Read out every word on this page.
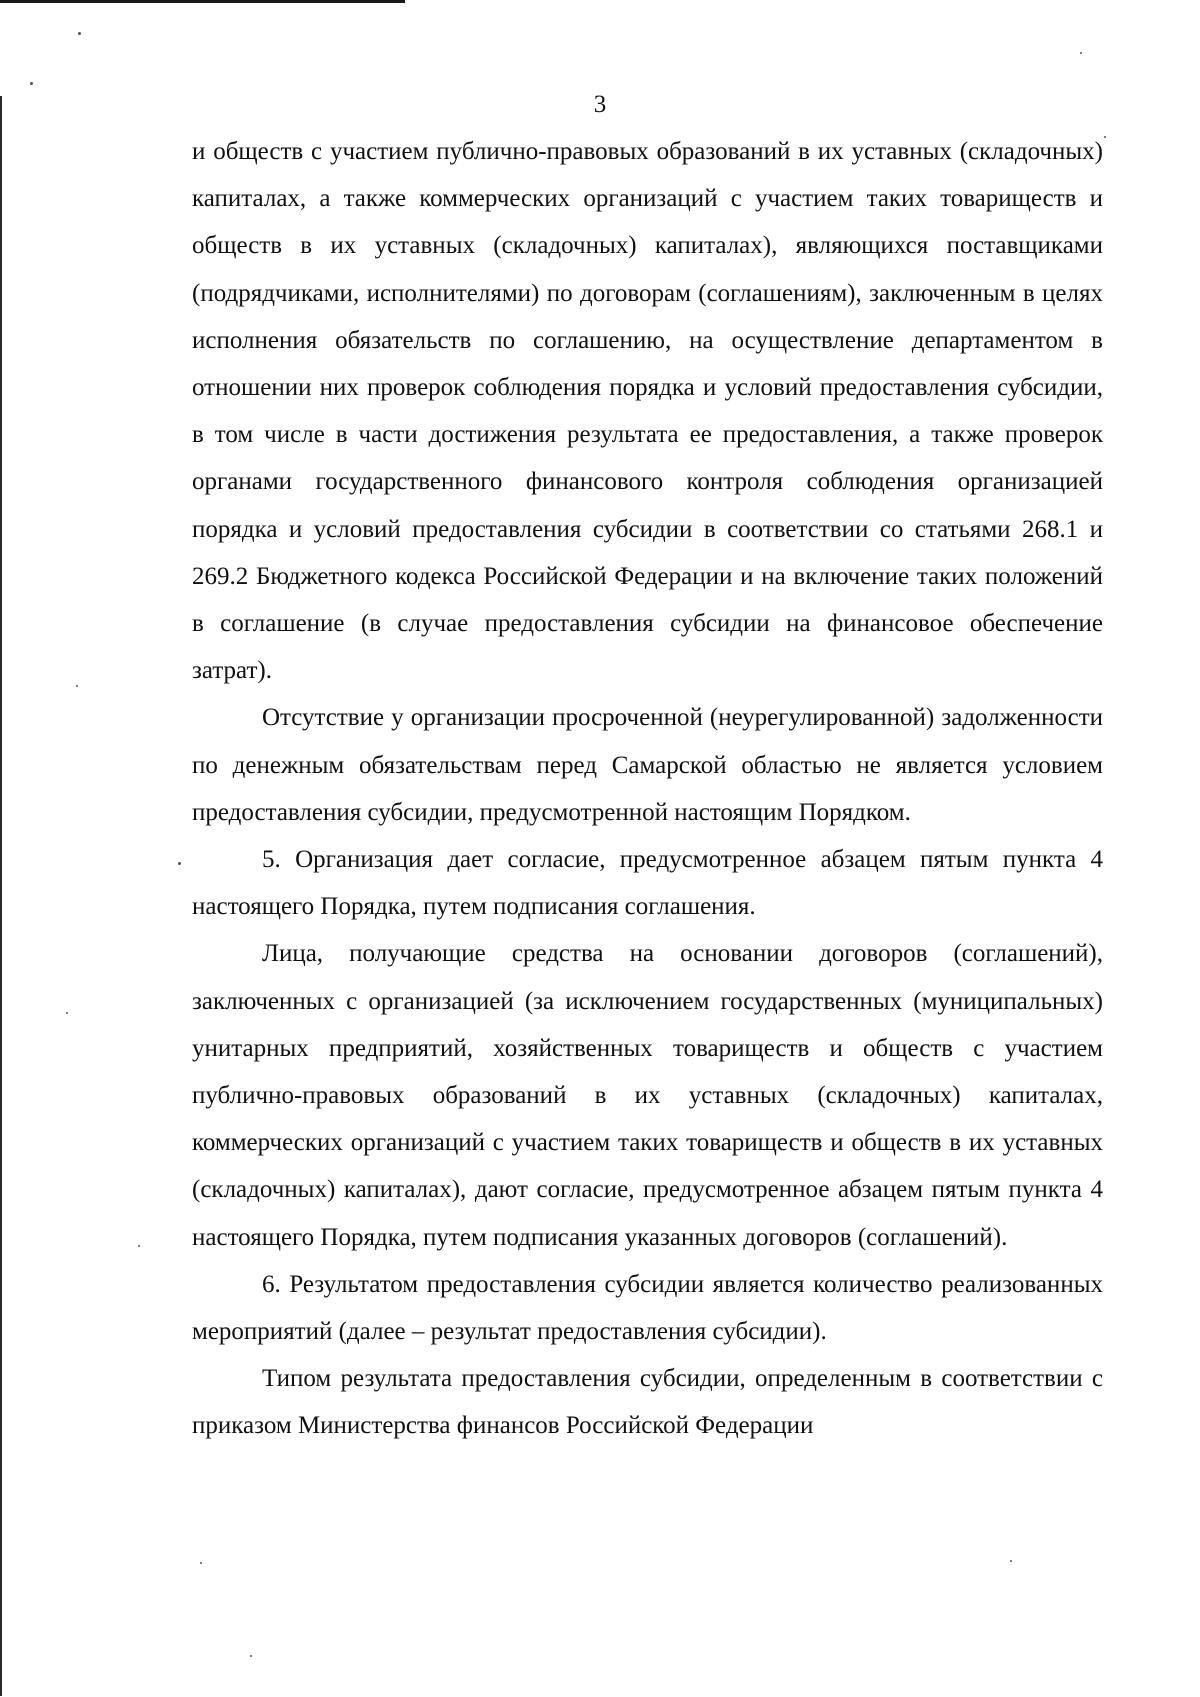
3

и обществ с участием публично-правовых образований в их уставных (складочных) капиталах, а также коммерческих организаций с участием таких товариществ и обществ в их уставных (складочных) капиталах), являющихся поставщиками (подрядчиками, исполнителями) по договорам (соглашениям), заключенным в целях исполнения обязательств по соглашению, на осуществление департаментом в отношении них проверок соблюдения порядка и условий предоставления субсидии, в том числе в части достижения результата ее предоставления, а также проверок органами государственного финансового контроля соблюдения организацией порядка и условий предоставления субсидии в соответствии со статьями 268.1 и 269.2 Бюджетного кодекса Российской Федерации и на включение таких положений в соглашение (в случае предоставления субсидии на финансовое обеспечение затрат).

Отсутствие у организации просроченной (неурегулированной) задолженности по денежным обязательствам перед Самарской областью не является условием предоставления субсидии, предусмотренной настоящим Порядком.

5. Организация дает согласие, предусмотренное абзацем пятым пункта 4 настоящего Порядка, путем подписания соглашения.

Лица, получающие средства на основании договоров (соглашений), заключенных с организацией (за исключением государственных (муниципальных) унитарных предприятий, хозяйственных товариществ и обществ с участием публично-правовых образований в их уставных (складочных) капиталах, коммерческих организаций с участием таких товариществ и обществ в их уставных (складочных) капиталах), дают согласие, предусмотренное абзацем пятым пункта 4 настоящего Порядка, путем подписания указанных договоров (соглашений).

6. Результатом предоставления субсидии является количество реализованных мероприятий (далее – результат предоставления субсидии).

Типом результата предоставления субсидии, определенным в соответствии с приказом Министерства финансов Российской Федерации
